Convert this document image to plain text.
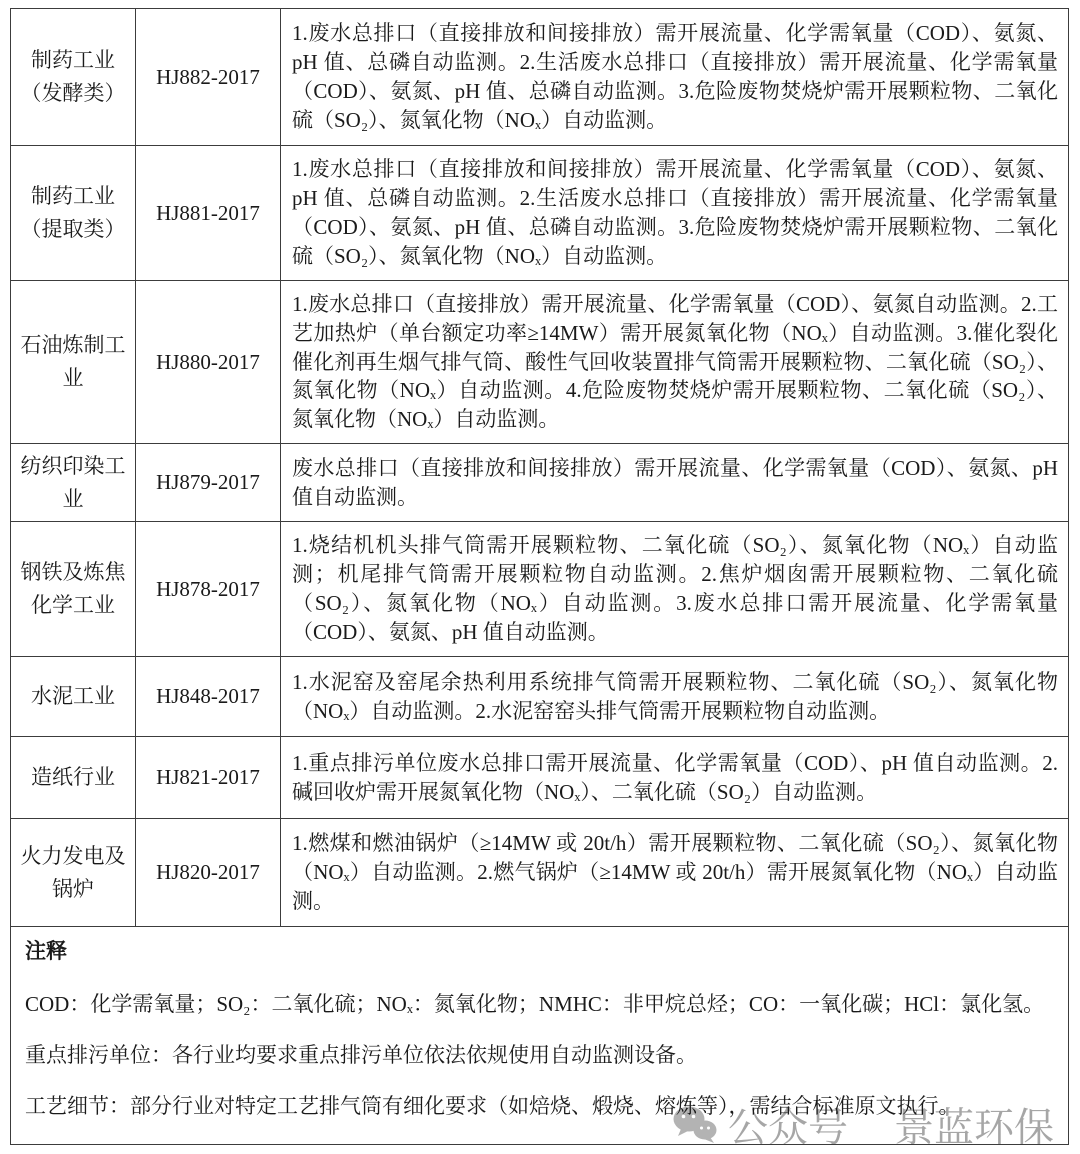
公众号 景蓝环保
制药工业（发酵类）	HJ882-2017	1.废水总排口（直接排放和间接排放）需开展流量、化学需氧量（COD）、氨氮、pH 值、总磷自动监测。2.生活废水总排口（直接排放）需开展流量、化学需氧量（COD）、氨氮、pH 值、总磷自动监测。3.危险废物焚烧炉需开展颗粒物、二氧化硫（SO₂）、氮氧化物（NOₓ）自动监测。
制药工业（提取类）	HJ881-2017	1.废水总排口（直接排放和间接排放）需开展流量、化学需氧量（COD）、氨氮、pH 值、总磷自动监测。2.生活废水总排口（直接排放）需开展流量、化学需氧量（COD）、氨氮、pH 值、总磷自动监测。3.危险废物焚烧炉需开展颗粒物、二氧化硫（SO₂）、氮氧化物（NOₓ）自动监测。
石油炼制工业	HJ880-2017	1.废水总排口（直接排放）需开展流量、化学需氧量（COD）、氨氮自动监测。2.工艺加热炉（单台额定功率≥14MW）需开展氮氧化物（NOₓ）自动监测。3.催化裂化催化剂再生烟气排气筒、酸性气回收装置排气筒需开展颗粒物、二氧化硫（SO₂）、氮氧化物（NOₓ）自动监测。4.危险废物焚烧炉需开展颗粒物、二氧化硫（SO₂）、氮氧化物（NOₓ）自动监测。
纺织印染工业	HJ879-2017	废水总排口（直接排放和间接排放）需开展流量、化学需氧量（COD）、氨氮、pH 值自动监测。
钢铁及炼焦化学工业	HJ878-2017	1.烧结机机头排气筒需开展颗粒物、二氧化硫（SO₂）、氮氧化物（NOₓ）自动监测；机尾排气筒需开展颗粒物自动监测。2.焦炉烟囱需开展颗粒物、二氧化硫（SO₂）、氮氧化物（NOₓ）自动监测。3.废水总排口需开展流量、化学需氧量（COD）、氨氮、pH 值自动监测。
水泥工业	HJ848-2017	1.水泥窑及窑尾余热利用系统排气筒需开展颗粒物、二氧化硫（SO₂）、氮氧化物（NOₓ）自动监测。2.水泥窑窑头排气筒需开展颗粒物自动监测。
造纸行业	HJ821-2017	1.重点排污单位废水总排口需开展流量、化学需氧量（COD）、pH 值自动监测。2.碱回收炉需开展氮氧化物（NOₓ）、二氧化硫（SO₂）自动监测。
火力发电及锅炉	HJ820-2017	1.燃煤和燃油锅炉（≥14MW 或 20t/h）需开展颗粒物、二氧化硫（SO₂）、氮氧化物（NOₓ）自动监测。2.燃气锅炉（≥14MW 或 20t/h）需开展氮氧化物（NOₓ）自动监测。

注释

COD：化学需氧量；SO₂：二氧化硫；NOₓ：氮氧化物；NMHC：非甲烷总烃；CO：一氧化碳；HCl：氯化氢。

重点排污单位：各行业均要求重点排污单位依法依规使用自动监测设备。

工艺细节：部分行业对特定工艺排气筒有细化要求（如焙烧、煅烧、熔炼等），需结合标准原文执行。		
